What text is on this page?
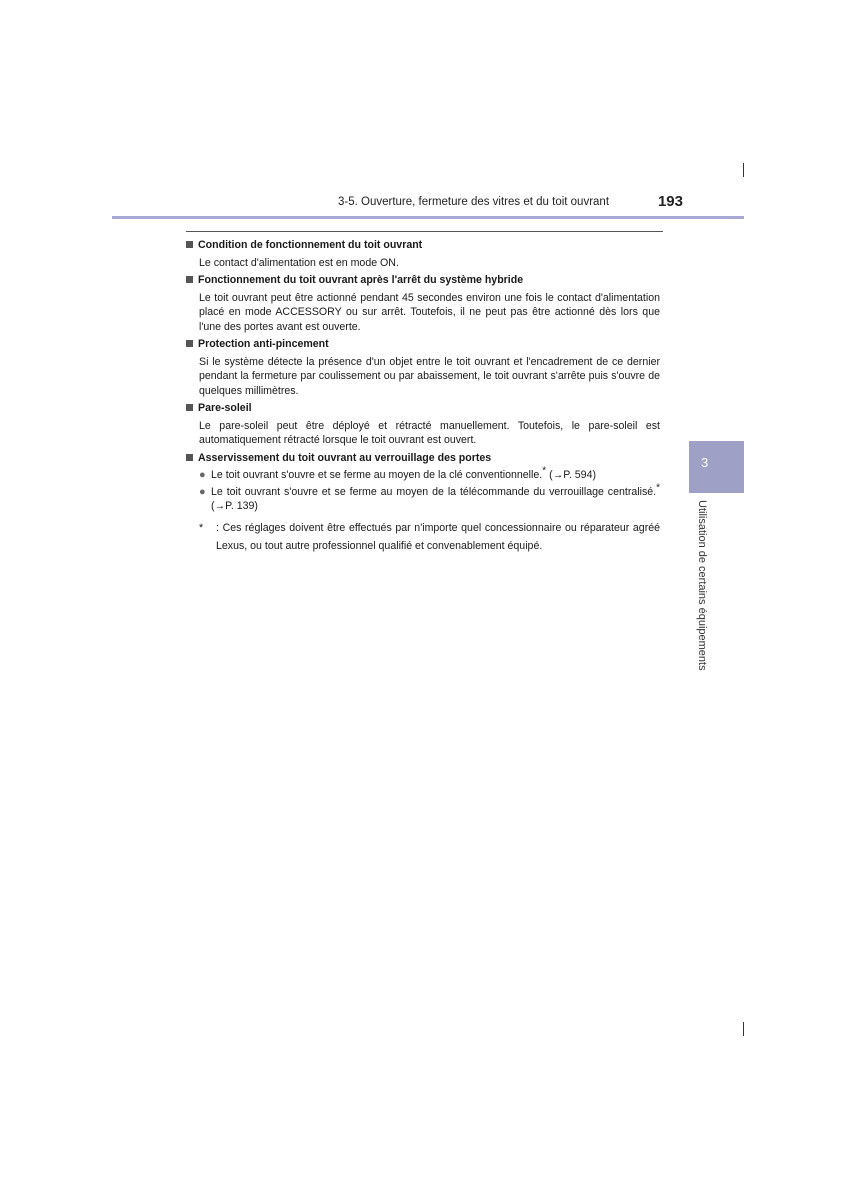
3-5. Ouverture, fermeture des vitres et du toit ouvrant	193
3
Utilisation de certains équipements
Condition de fonctionnement du toit ouvrant
Le contact d'alimentation est en mode ON.
Fonctionnement du toit ouvrant après l'arrêt du système hybride
Le toit ouvrant peut être actionné pendant 45 secondes environ une fois le contact d'alimentation placé en mode ACCESSORY ou sur arrêt. Toutefois, il ne peut pas être actionné dès lors que l'une des portes avant est ouverte.
Protection anti-pincement
Si le système détecte la présence d'un objet entre le toit ouvrant et l'encadrement de ce dernier pendant la fermeture par coulissement ou par abaissement, le toit ouvrant s'arrête puis s'ouvre de quelques millimètres.
Pare-soleil
Le pare-soleil peut être déployé et rétracté manuellement. Toutefois, le pare-soleil est automatiquement rétracté lorsque le toit ouvrant est ouvert.
Asservissement du toit ouvrant au verrouillage des portes
● Le toit ouvrant s'ouvre et se ferme au moyen de la clé conventionnelle.* (→P. 594)
● Le toit ouvrant s'ouvre et se ferme au moyen de la télécommande du verrouillage centralisé.* (→P. 139)
* : Ces réglages doivent être effectués par n'importe quel concessionnaire ou réparateur agréé Lexus, ou tout autre professionnel qualifié et convenablement équipé.
